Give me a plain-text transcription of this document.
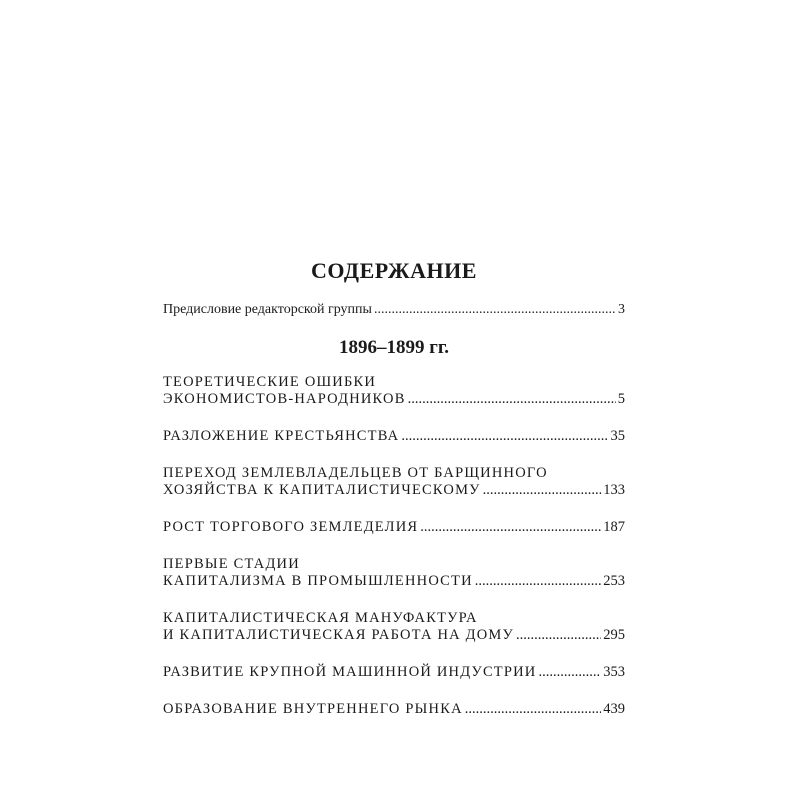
СОДЕРЖАНИЕ
Предисловие редакторской группы .....	3
1896–1899 гг.
ТЕОРЕТИЧЕСКИЕ ОШИБКИ
ЭКОНОМИСТОВ-НАРОДНИКОВ .....	5
РАЗЛОЖЕНИЕ КРЕСТЬЯНСТВА .....	35
ПЕРЕХОД ЗЕМЛЕВЛАДЕЛЬЦЕВ ОТ БАРЩИННОГО
ХОЗЯЙСТВА К КАПИТАЛИСТИЧЕСКОМУ .....	133
РОСТ ТОРГОВОГО ЗЕМЛЕДЕЛИЯ .....	187
ПЕРВЫЕ СТАДИИ
КАПИТАЛИЗМА В ПРОМЫШЛЕННОСТИ .....	253
КАПИТАЛИСТИЧЕСКАЯ МАНУФАКТУРА
И КАПИТАЛИСТИЧЕСКАЯ РАБОТА НА ДОМУ .....	295
РАЗВИТИЕ КРУПНОЙ МАШИННОЙ ИНДУСТРИИ .....	353
ОБРАЗОВАНИЕ ВНУТРЕННЕГО РЫНКА .....	439
